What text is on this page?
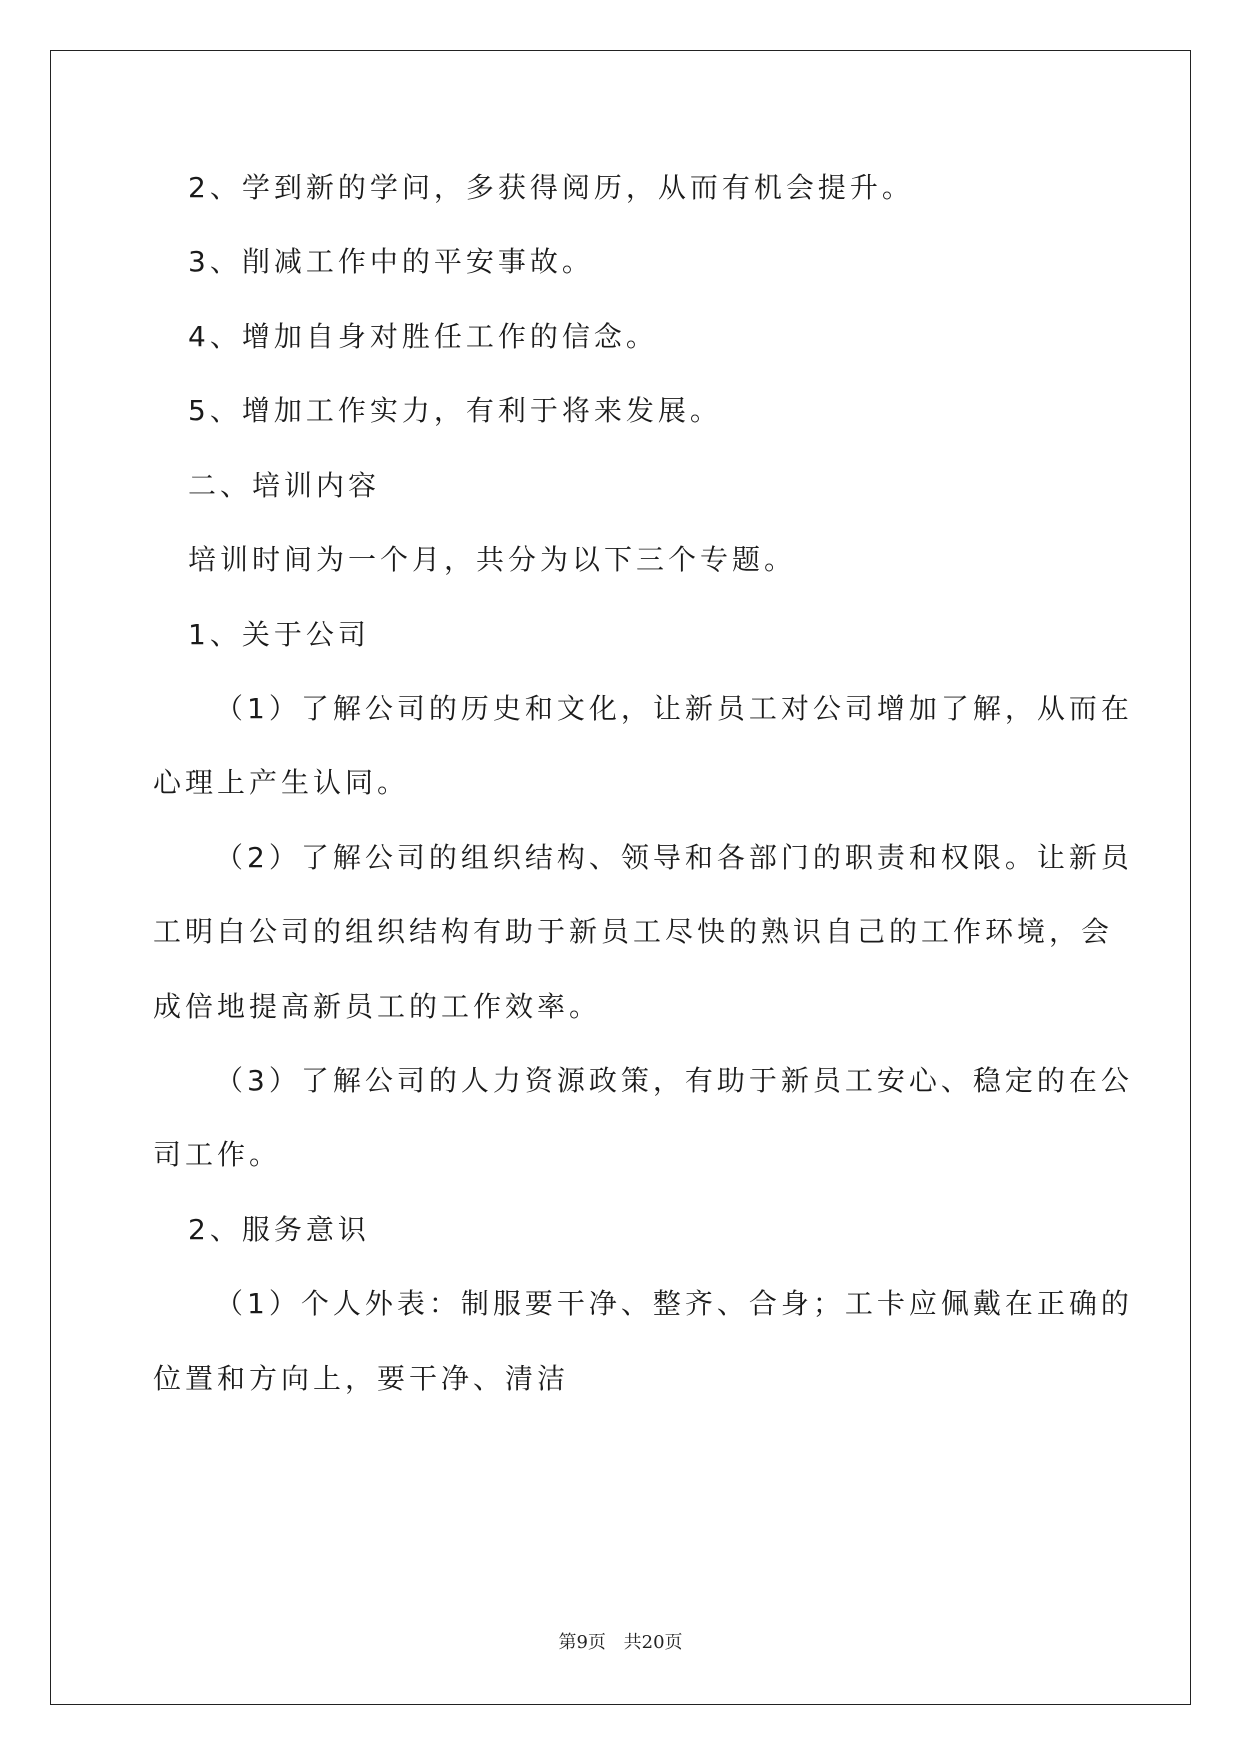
2、学到新的学问，多获得阅历，从而有机会提升。
3、削减工作中的平安事故。
4、增加自身对胜任工作的信念。
5、增加工作实力，有利于将来发展。
二、培训内容
培训时间为一个月，共分为以下三个专题。
1、关于公司
（1）了解公司的历史和文化，让新员工对公司增加了解，从而在
心理上产生认同。
（2）了解公司的组织结构、领导和各部门的职责和权限。让新员
工明白公司的组织结构有助于新员工尽快的熟识自己的工作环境，会
成倍地提高新员工的工作效率。
（3）了解公司的人力资源政策，有助于新员工安心、稳定的在公
司工作。
2、服务意识
（1）个人外表：制服要干净、整齐、合身；工卡应佩戴在正确的
位置和方向上，要干净、清洁
第9页 共20页
